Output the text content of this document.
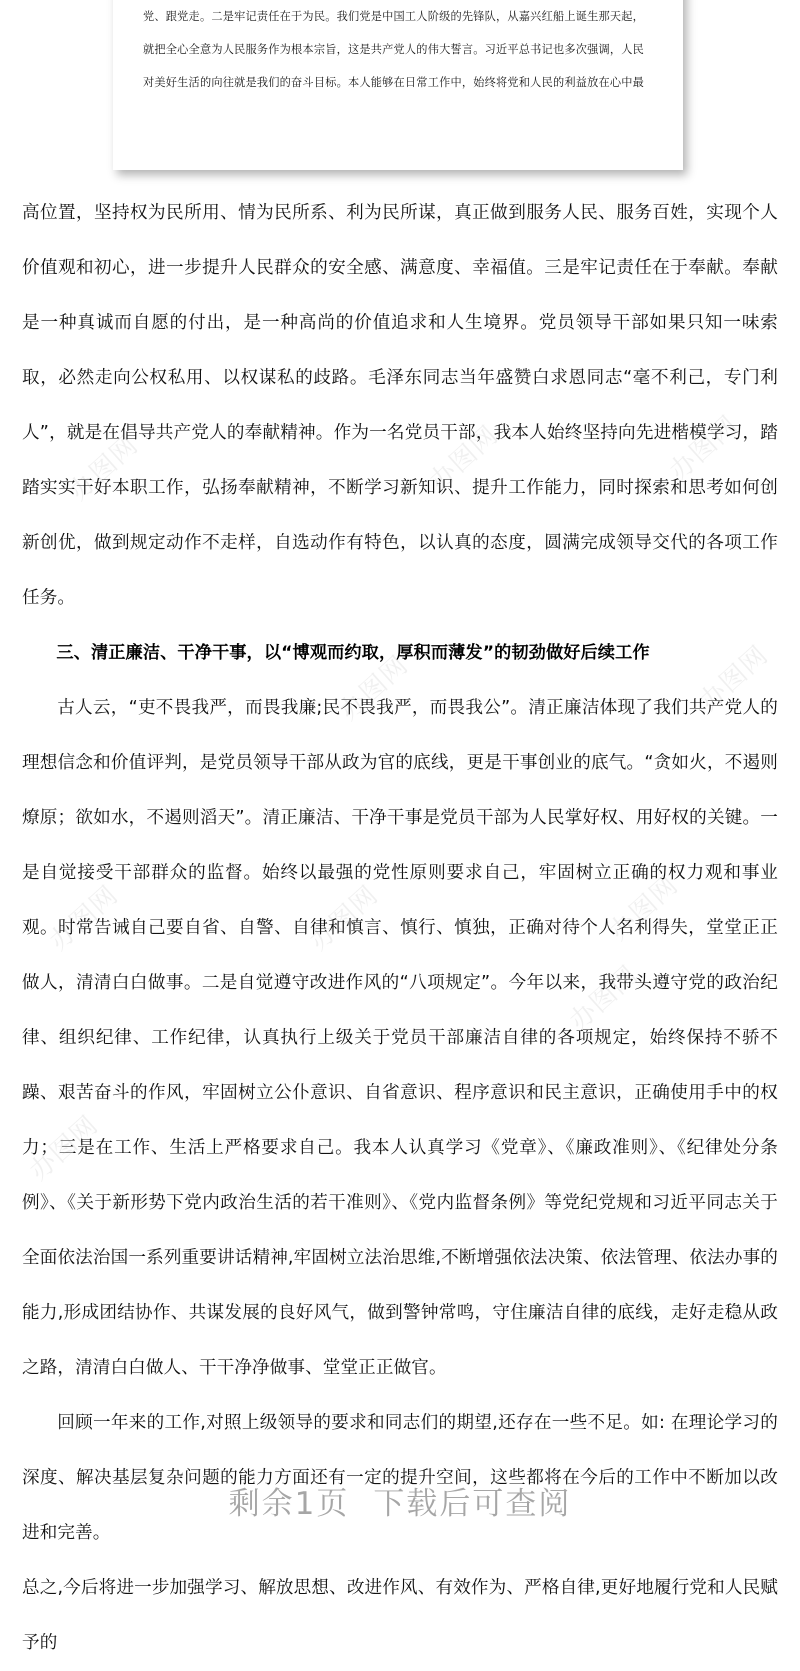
办图网	办图网	办图网
办图网
办图网	办图网
办图网	办图网
办图网
办图网

党、跟党走。二是牢记责任在于为民。我们党是中国工人阶级的先锋队，从嘉兴红船上诞生那天起，

就把全心全意为人民服务作为根本宗旨，这是共产党人的伟大誓言。习近平总书记也多次强调，人民

对美好生活的向往就是我们的奋斗目标。本人能够在日常工作中，始终将党和人民的利益放在心中最

高位置，坚持权为民所用、情为民所系、利为民所谋，真正做到服务人民、服务百姓，实现个人价值观和初心，进一步提升人民群众的安全感、满意度、幸福值。三是牢记责任在于奉献。奉献是一种真诚而自愿的付出，是一种高尚的价值追求和人生境界。党员领导干部如果只知一味索取，必然走向公权私用、以权谋私的歧路。毛泽东同志当年盛赞白求恩同志“毫不利己，专门利人”，就是在倡导共产党人的奉献精神。作为一名党员干部，我本人始终坚持向先进楷模学习，踏踏实实干好本职工作，弘扬奉献精神，不断学习新知识、提升工作能力，同时探索和思考如何创新创优，做到规定动作不走样，自选动作有特色，以认真的态度，圆满完成领导交代的各项工作任务。

三、清正廉洁、干净干事，以“博观而约取，厚积而薄发”的韧劲做好后续工作

古人云，“吏不畏我严，而畏我廉;民不畏我严，而畏我公”。清正廉洁体现了我们共产党人的理想信念和价值评判，是党员领导干部从政为官的底线，更是干事创业的底气。“贪如火，不遏则燎原；欲如水，不遏则滔天”。清正廉洁、干净干事是党员干部为人民掌好权、用好权的关键。一是自觉接受干部群众的监督。始终以最强的党性原则要求自己，牢固树立正确的权力观和事业观。时常告诫自己要自省、自警、自律和慎言、慎行、慎独，正确对待个人名利得失，堂堂正正做人，清清白白做事。二是自觉遵守改进作风的“八项规定”。今年以来，我带头遵守党的政治纪律、组织纪律、工作纪律，认真执行上级关于党员干部廉洁自律的各项规定，始终保持不骄不躁、艰苦奋斗的作风，牢固树立公仆意识、自省意识、程序意识和民主意识，正确使用手中的权力；三是在工作、生活上严格要求自己。我本人认真学习《党章》、《廉政准则》、《纪律处分条例》、《关于新形势下党内政治生活的若干准则》、《党内监督条例》等党纪党规和习近平同志关于全面依法治国一系列重要讲话精神,牢固树立法治思维,不断增强依法决策、依法管理、依法办事的能力,形成团结协作、共谋发展的良好风气，做到警钟常鸣，守住廉洁自律的底线，走好走稳从政之路，清清白白做人、干干净净做事、堂堂正正做官。

回顾一年来的工作,对照上级领导的要求和同志们的期望,还存在一些不足。如: 在理论学习的深度、解决基层复杂问题的能力方面还有一定的提升空间，这些都将在今后的工作中不断加以改进和完善。

总之,今后将进一步加强学习、解放思想、改进作风、有效作为、严格自律,更好地履行党和人民赋予的

剩余1页 下载后可查阅
